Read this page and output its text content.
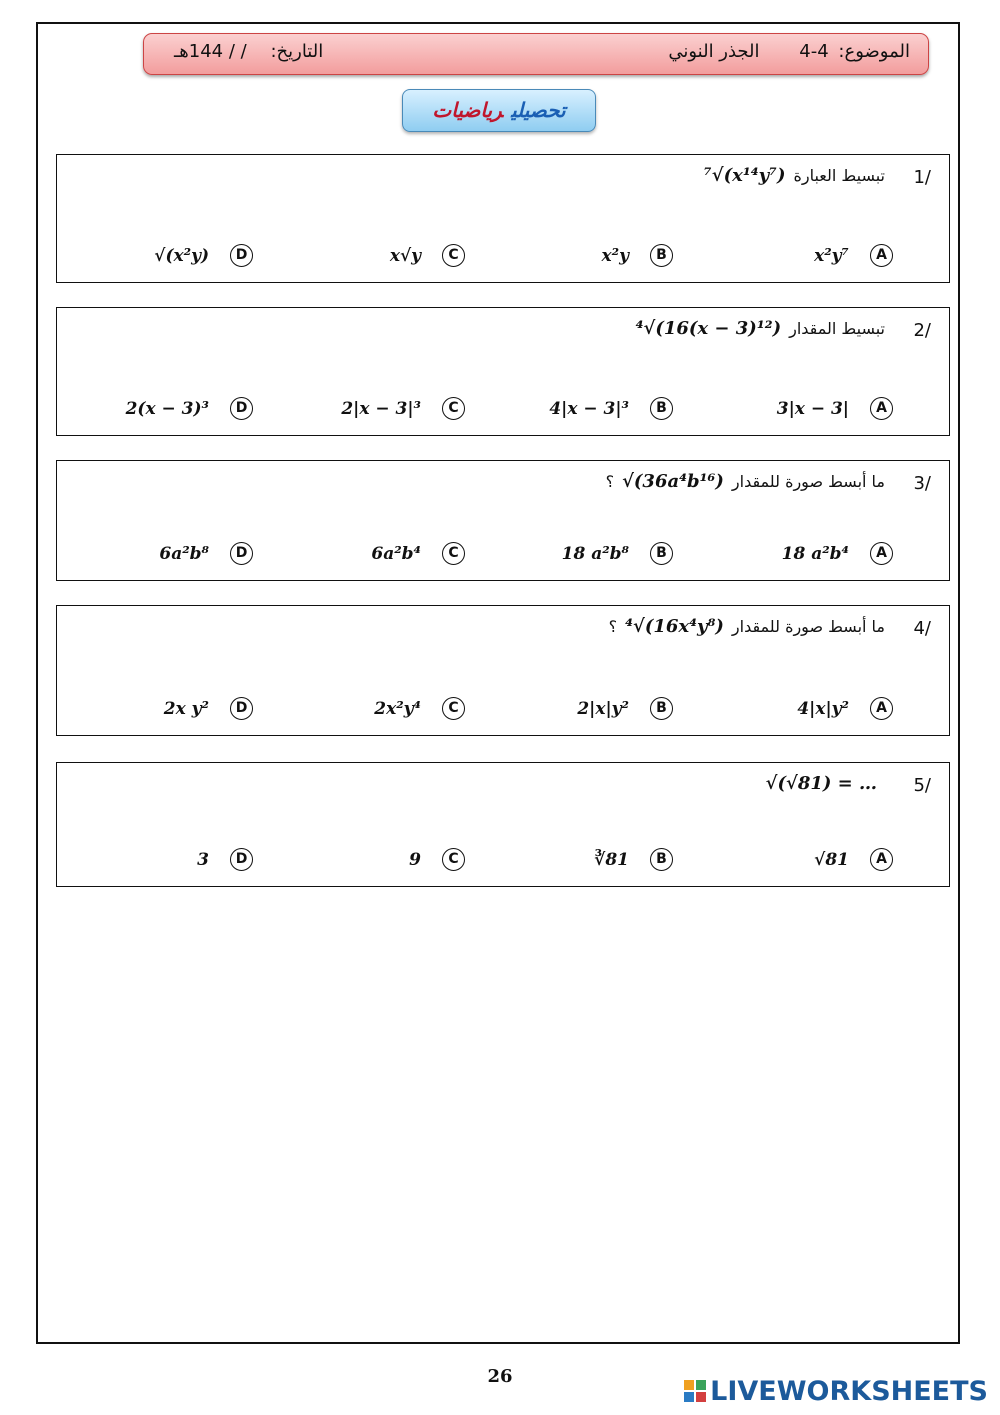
الموضوع: 4-4 الجذر النوني
التاريخ: / / 144هـ
تحصيليرياضيات
1/
تبسيط العبارة⁷√(x¹⁴y⁷)
A
x²y⁷
B
x²y
C
x√y
D
√(x²y)
2/
تبسيط المقدار⁴√(16(x − 3)¹²)
A
3|x − 3|
B
4|x − 3|³
C
2|x − 3|³
D
2(x − 3)³
3/
ما أبسط صورة للمقدار√(36a⁴b¹⁶)؟
A
18 a²b⁴
B
18 a²b⁸
C
6a²b⁴
D
6a²b⁸
4/
ما أبسط صورة للمقدار⁴√(16x⁴y⁸)؟
A
4|x|y²
B
2|x|y²
C
2x²y⁴
D
2x y²
5/
√(√81) = …
A
√81
B
∛81
C
9
D
3
26	LIVEWORKSHEETS
